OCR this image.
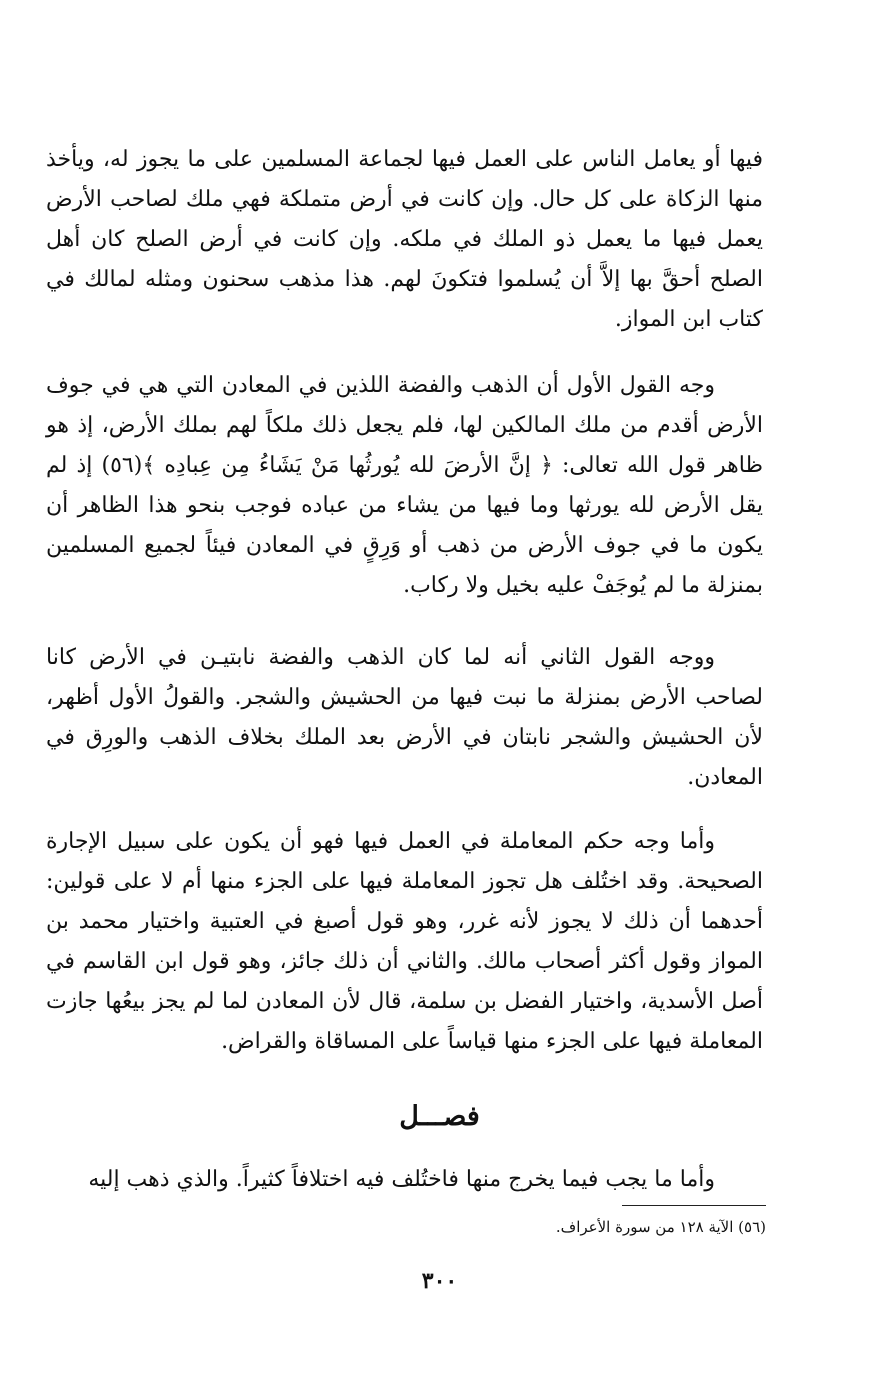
فيها أو يعامل الناس على العمل فيها لجماعة المسلمين على ما يجوز له، ويأخذ منها الزكاة على كل حال. وإن كانت في أرض متملكة فهي ملك لصاحب الأرض يعمل فيها ما يعمل ذو الملك في ملكه. وإن كانت في أرض الصلح كان أهل الصلح أحقَّ بها إلاَّ أن يُسلموا فتكونَ لهم. هذا مذهب سحنون ومثله لمالك في كتاب ابن المواز.

وجه القول الأول أن الذهب والفضة اللذين في المعادن التي هي في جوف الأرض أقدم من ملك المالكين لها، فلم يجعل ذلك ملكاً لهم بملك الأرض، إذ هو ظاهر قول الله تعالى: ﴿ إنَّ الأرضَ لله يُورثُها مَنْ يَشَاءُ مِن عِبادِه ﴾(٥٦) إذ لم يقل الأرض لله يورثها وما فيها من يشاء من عباده فوجب بنحو هذا الظاهر أن يكون ما في جوف الأرض من ذهب أو وَرِقٍ في المعادن فيئاً لجميع المسلمين بمنزلة ما لم يُوجَفْ عليه بخيل ولا ركاب.

ووجه القول الثاني أنه لما كان الذهب والفضة نابتيـن في الأرض كانا لصاحب الأرض بمنزلة ما نبت فيها من الحشيش والشجر. والقولُ الأول أظهر، لأن الحشيش والشجر نابتان في الأرض بعد الملك بخلاف الذهب والورِق في المعادن.

وأما وجه حكم المعاملة في العمل فيها فهو أن يكون على سبيل الإجارة الصحيحة. وقد اختُلف هل تجوز المعاملة فيها على الجزء منها أم لا على قولين: أحدهما أن ذلك لا يجوز لأنه غرر، وهو قول أصبغ في العتبية واختيار محمد بن المواز وقول أكثر أصحاب مالك. والثاني أن ذلك جائز، وهو قول ابن القاسم في أصل الأسدية، واختيار الفضل بن سلمة، قال لأن المعادن لما لم يجز بيعُها جازت المعاملة فيها على الجزء منها قياساً على المساقاة والقراض.

فصـــل

وأما ما يجب فيما يخرج منها فاختُلف فيه اختلافاً كثيراً. والذي ذهب إليه

(٥٦) الآية ١٢٨ من سورة الأعراف.
٣٠٠
